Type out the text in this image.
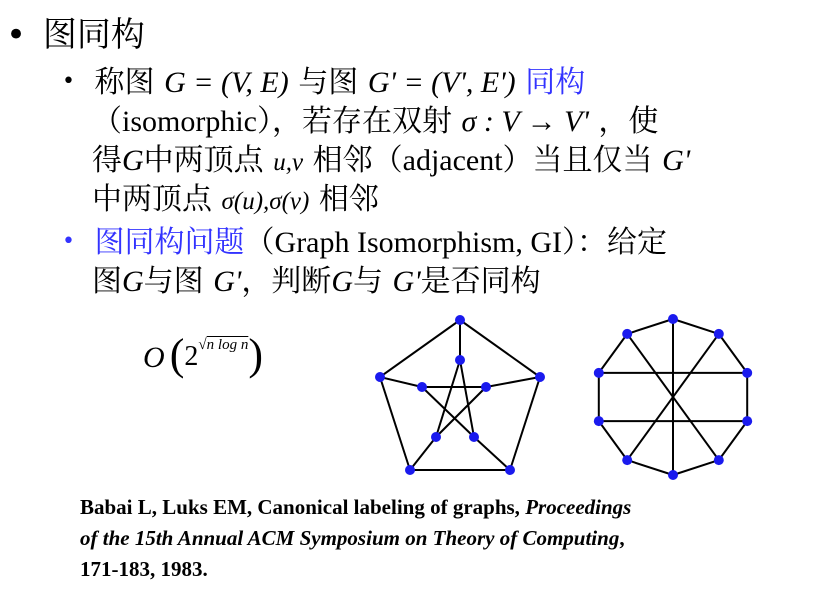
• 图同构
• 称图 G = (V, E) 与图 G' = (V', E') 同构
（isomorphic），若存在双射 σ : V → V' ，使
得G中两顶点 u,v 相邻（adjacent）当且仅当 G'
中两顶点 σ(u),σ(v) 相邻
• 图同构问题（Graph Isomorphism, GI）：给定
图G与图 G'，判断G与 G'是否同构
O (2√n log n)
Babai L, Luks EM, Canonical labeling of graphs, Proceedings
of the 15th Annual ACM Symposium on Theory of Computing,
171-183, 1983.
